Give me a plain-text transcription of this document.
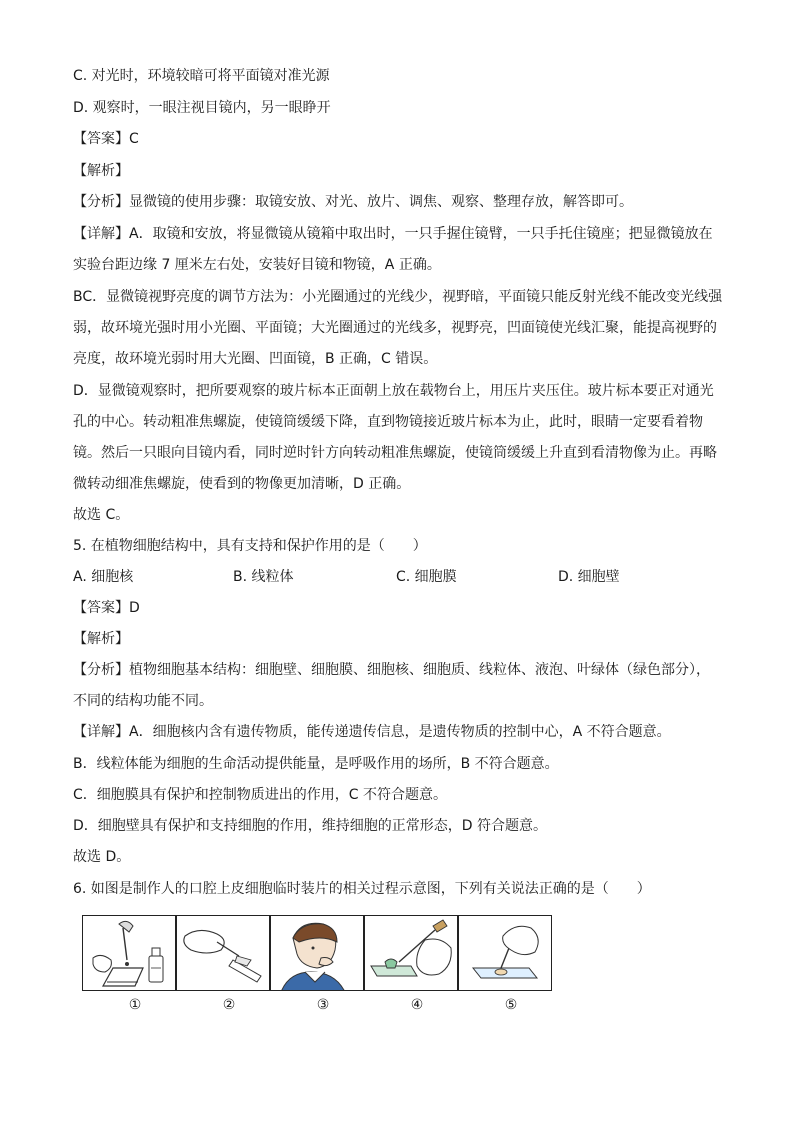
C. 对光时，环境较暗可将平面镜对准光源
D. 观察时，一眼注视目镜内，另一眼睁开
【答案】C
【解析】
【分析】显微镜的使用步骤：取镜安放、对光、放片、调焦、观察、整理存放，解答即可。
【详解】A．取镜和安放，将显微镜从镜箱中取出时，一只手握住镜臂，一只手托住镜座；把显微镜放在
实验台距边缘 7 厘米左右处，安装好目镜和物镜，A 正确。
BC．显微镜视野亮度的调节方法为：小光圈通过的光线少，视野暗，平面镜只能反射光线不能改变光线强
弱，故环境光强时用小光圈、平面镜；大光圈通过的光线多，视野亮，凹面镜使光线汇聚，能提高视野的
亮度，故环境光弱时用大光圈、凹面镜，B 正确，C 错误。
D．显微镜观察时，把所要观察的玻片标本正面朝上放在载物台上，用压片夹压住。玻片标本要正对通光
孔的中心。转动粗准焦螺旋，使镜筒缓缓下降，直到物镜接近玻片标本为止，此时，眼睛一定要看着物
镜。然后一只眼向目镜内看，同时逆时针方向转动粗准焦螺旋，使镜筒缓缓上升直到看清物像为止。再略
微转动细准焦螺旋，使看到的物像更加清晰，D 正确。
故选 C。
5. 在植物细胞结构中，具有支持和保护作用的是（　　）
A. 细胞核	B. 线粒体	C. 细胞膜	D. 细胞壁
【答案】D
【解析】
【分析】植物细胞基本结构：细胞壁、细胞膜、细胞核、细胞质、线粒体、液泡、叶绿体（绿色部分），
不同的结构功能不同。
【详解】A．细胞核内含有遗传物质，能传递遗传信息，是遗传物质的控制中心，A 不符合题意。
B．线粒体能为细胞的生命活动提供能量，是呼吸作用的场所，B 不符合题意。
C．细胞膜具有保护和控制物质进出的作用，C 不符合题意。
D．细胞壁具有保护和支持细胞的作用，维持细胞的正常形态，D 符合题意。
故选 D。
6. 如图是制作人的口腔上皮细胞临时装片的相关过程示意图，下列有关说法正确的是（　　）
①	②	③	④	⑤
